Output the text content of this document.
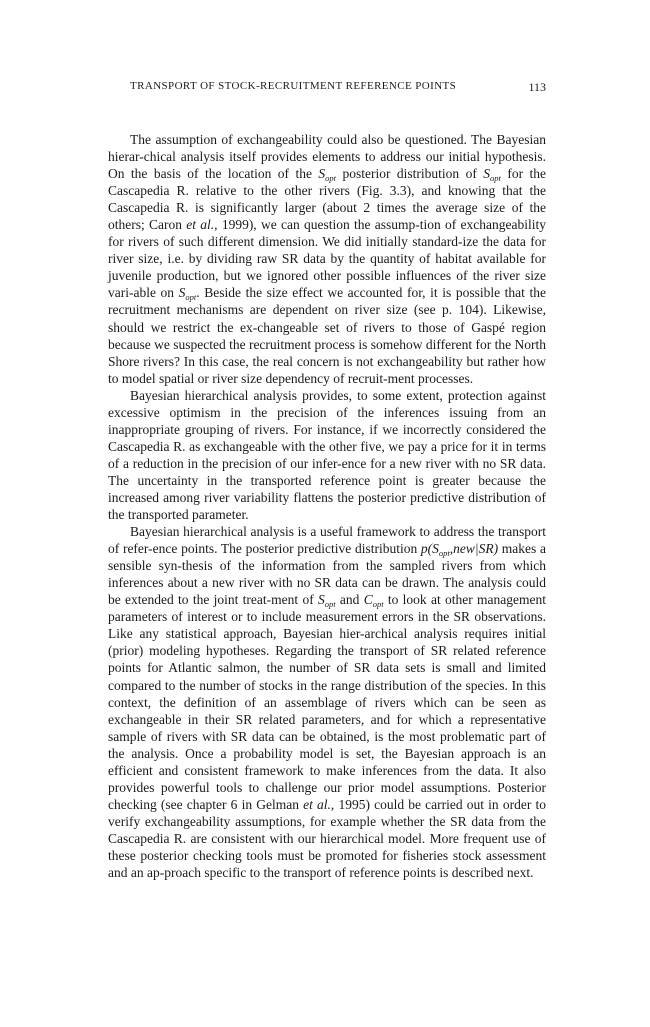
TRANSPORT OF STOCK-RECRUITMENT REFERENCE POINTS	113

The assumption of exchangeability could also be questioned. The Bayesian hierar-chical analysis itself provides elements to address our initial hypothesis. On the basis of the location of the $S_{opt}$ posterior distribution of $S_{opt}$ for the Cascapedia R. relative to the other rivers (Fig. 3.3), and knowing that the Cascapedia R. is significantly larger (about 2 times the average size of the others; Caron et al., 1999), we can question the assump-tion of exchangeability for rivers of such different dimension. We did initially standard-ize the data for river size, i.e. by dividing raw SR data by the quantity of habitat available for juvenile production, but we ignored other possible influences of the river size vari-able on $S_{opt}$. Beside the size effect we accounted for, it is possible that the recruitment mechanisms are dependent on river size (see p. 104). Likewise, should we restrict the ex-changeable set of rivers to those of Gaspé region because we suspected the recruitment process is somehow different for the North Shore rivers? In this case, the real concern is not exchangeability but rather how to model spatial or river size dependency of recruit-ment processes.

Bayesian hierarchical analysis provides, to some extent, protection against excessive optimism in the precision of the inferences issuing from an inappropriate grouping of rivers. For instance, if we incorrectly considered the Cascapedia R. as exchangeable with the other five, we pay a price for it in terms of a reduction in the precision of our infer-ence for a new river with no SR data. The uncertainty in the transported reference point is greater because the increased among river variability flattens the posterior predictive distribution of the transported parameter.

Bayesian hierarchical analysis is a useful framework to address the transport of refer-ence points. The posterior predictive distribution $p(S_{opt},new|SR)$ makes a sensible syn-thesis of the information from the sampled rivers from which inferences about a new river with no SR data can be drawn. The analysis could be extended to the joint treat-ment of $S_{opt}$ and $C_{opt}$ to look at other management parameters of interest or to include measurement errors in the SR observations. Like any statistical approach, Bayesian hier-archical analysis requires initial (prior) modeling hypotheses. Regarding the transport of SR related reference points for Atlantic salmon, the number of SR data sets is small and limited compared to the number of stocks in the range distribution of the species. In this context, the definition of an assemblage of rivers which can be seen as exchangeable in their SR related parameters, and for which a representative sample of rivers with SR data can be obtained, is the most problematic part of the analysis. Once a probability model is set, the Bayesian approach is an efficient and consistent framework to make inferences from the data. It also provides powerful tools to challenge our prior model assumptions. Posterior checking (see chapter 6 in Gelman et al., 1995) could be carried out in order to verify exchangeability assumptions, for example whether the SR data from the Cascapedia R. are consistent with our hierarchical model. More frequent use of these posterior checking tools must be promoted for fisheries stock assessment and an ap-proach specific to the transport of reference points is described next.
